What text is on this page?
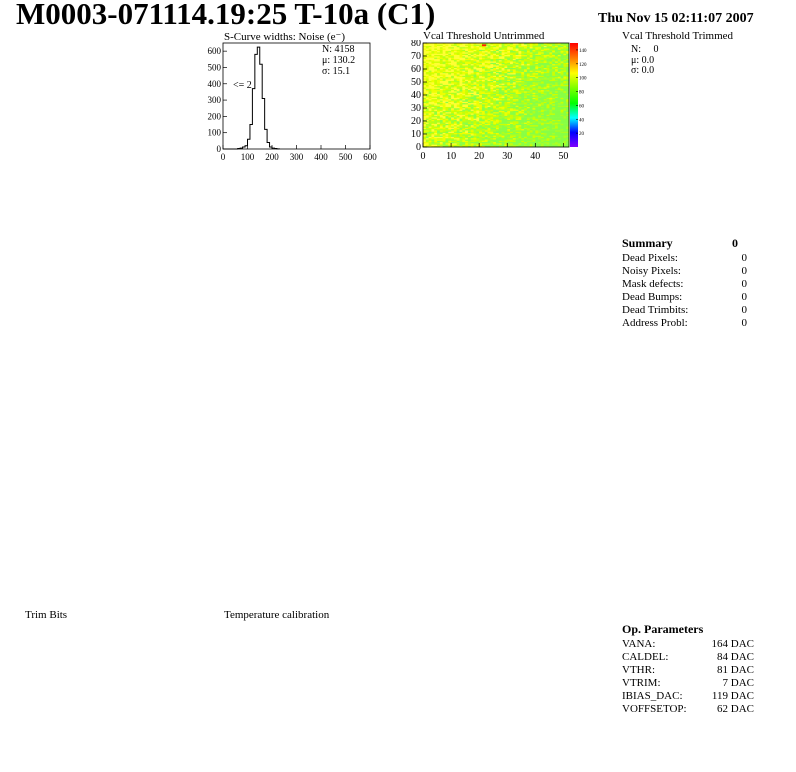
M0003-071114.19:25 T-10a (C1)	Thu Nov 15 02:11:07 2007
S-Curve widths: Noise (e⁻)
0 100 200 300 400 500 600
0
100
200
300
400
500
600
<= 2
N: 4158
μ: 130.2
σ: 15.1
Vcal Threshold Untrimmed
0 10 20 30 40 50
0
10
20
30
40
50
60
70
80
20
40
60
80
100
120
140
Vcal Threshold Trimmed
N: 0
μ: 0.0
σ: 0.0
Summary	0
Dead Pixels:	0
Noisy Pixels:	0
Mask defects:	0
Dead Bumps:	0
Dead Trimbits:	0
Address Probl:	0
Trim Bits	Temperature calibration
Op. Parameters
VANA:	164 DAC
CALDEL:	84 DAC
VTHR:	81 DAC
VTRIM:	7 DAC
IBIAS_DAC:	119 DAC
VOFFSETOP:	62 DAC
